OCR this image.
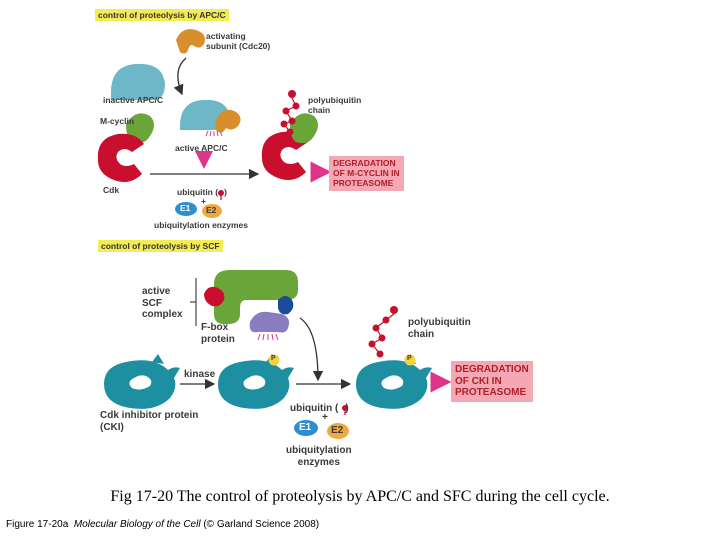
control of proteolysis by APC/C
activating
subunit (Cdc20)
inactive APC/C
M-cyclin
Cdk
active APC/C
ubiquitin ( )
+
E1 E2
ubiquitylation enzymes
polyubiquitin
chain
DEGRADATION
OF M-CYCLIN IN
PROTEASOME
control of proteolysis by SCF
active
SCF
complex
F-box
protein
kinase
Cdk inhibitor protein
(CKI)
P	P
ubiquitin ( )
+
E1 E2
ubiquitylation
enzymes
polyubiquitin
chain
DEGRADATION
OF CKI IN
PROTEASOME
Fig 17-20 The control of proteolysis by APC/C and SFC during the cell cycle.
Figure 17-20a Molecular Biology of the Cell (© Garland Science 2008)
